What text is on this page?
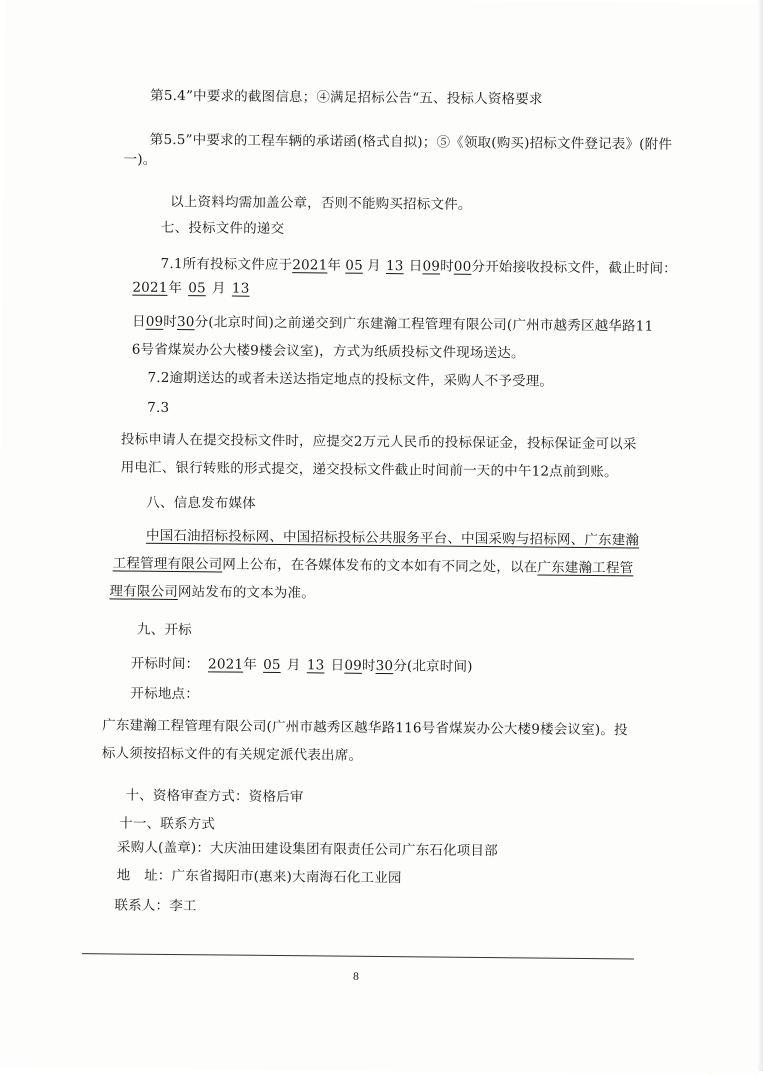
第5.4”中要求的截图信息；④满足招标公告“五、投标人资格要求
第5.5”中要求的工程车辆的承诺函(格式自拟)；⑤《领取(购买)招标文件登记表》(附件
一)。
以上资料均需加盖公章，否则不能购买招标文件。
七、投标文件的递交
7.1所有投标文件应于2021年 05 月 13 日09时00分开始接收投标文件，截止时间：
2021年 05 月 13
日09时30分(北京时间)之前递交到广东建瀚工程管理有限公司(广州市越秀区越华路11
6号省煤炭办公大楼9楼会议室)，方式为纸质投标文件现场送达。
7.2逾期送达的或者未送达指定地点的投标文件，采购人不予受理。
7.3
投标申请人在提交投标文件时，应提交2万元人民币的投标保证金，投标保证金可以采
用电汇、银行转账的形式提交，递交投标文件截止时间前一天的中午12点前到账。
八、信息发布媒体
中国石油招标投标网、中国招标投标公共服务平台、中国采购与招标网、广东建瀚
工程管理有限公司网上公布，在各媒体发布的文本如有不同之处，以在广东建瀚工程管
理有限公司网站发布的文本为准。
九、开标
开标时间： 2021年 05 月 13 日09时30分(北京时间)
开标地点：
广东建瀚工程管理有限公司(广州市越秀区越华路116号省煤炭办公大楼9楼会议室)。投
标人须按招标文件的有关规定派代表出席。
十、资格审查方式：资格后审
十一、联系方式
采购人(盖章)：大庆油田建设集团有限责任公司广东石化项目部
地　址：广东省揭阳市(惠来)大南海石化工业园
联系人：李工
8
